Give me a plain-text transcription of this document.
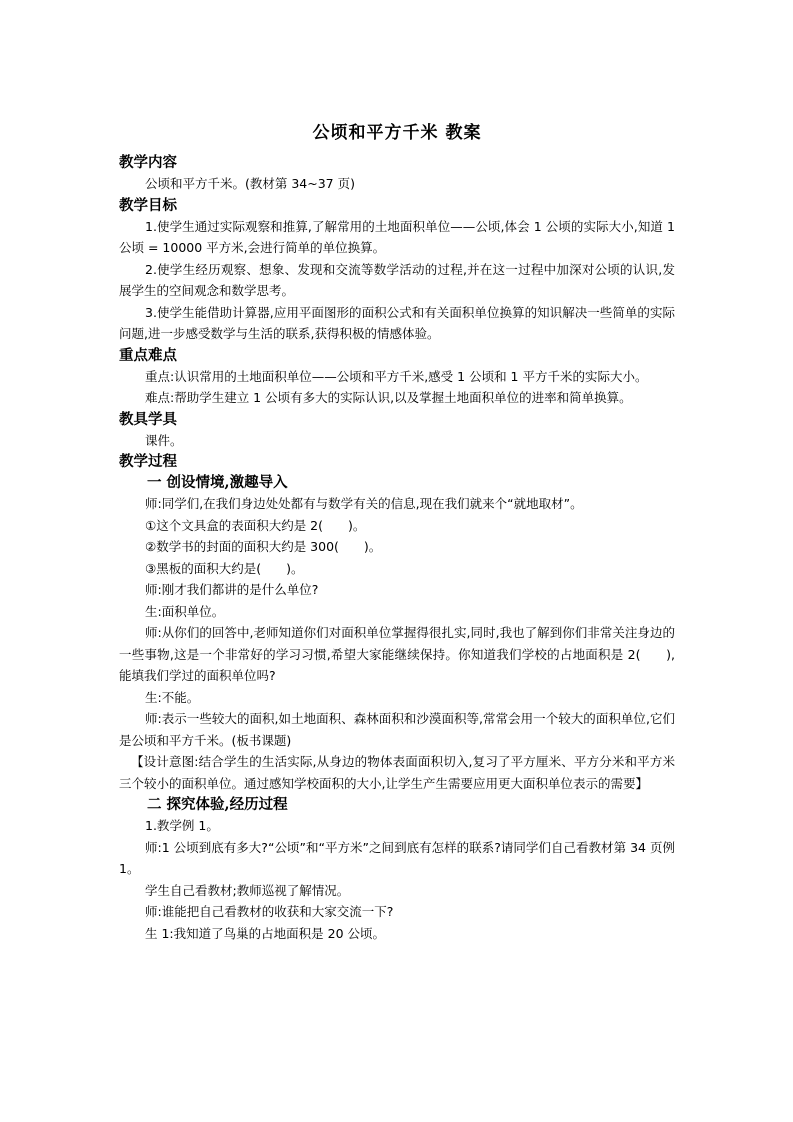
公顷和平方千米 教案
教学内容
公顷和平方千米。(教材第 34~37 页)
教学目标
1.使学生通过实际观察和推算,了解常用的土地面积单位——公顷,体会 1 公顷的实际大小,知道 1 公顷 = 10000 平方米,会进行简单的单位换算。
2.使学生经历观察、想象、发现和交流等数学活动的过程,并在这一过程中加深对公顷的认识,发展学生的空间观念和数学思考。
3.使学生能借助计算器,应用平面图形的面积公式和有关面积单位换算的知识解决一些简单的实际问题,进一步感受数学与生活的联系,获得积极的情感体验。
重点难点
重点:认识常用的土地面积单位——公顷和平方千米,感受 1 公顷和 1 平方千米的实际大小。
难点:帮助学生建立 1 公顷有多大的实际认识,以及掌握土地面积单位的进率和简单换算。
教具学具
课件。
教学过程
一 创设情境,激趣导入
师:同学们,在我们身边处处都有与数学有关的信息,现在我们就来个“就地取材”。
①这个文具盒的表面积大约是 2(　　)。
②数学书的封面的面积大约是 300(　　)。
③黑板的面积大约是(　　)。
师:刚才我们都讲的是什么单位?
生:面积单位。
师:从你们的回答中,老师知道你们对面积单位掌握得很扎实,同时,我也了解到你们非常关注身边的一些事物,这是一个非常好的学习习惯,希望大家能继续保持。你知道我们学校的占地面积是 2(　　),能填我们学过的面积单位吗?
生:不能。
师:表示一些较大的面积,如土地面积、森林面积和沙漠面积等,常常会用一个较大的面积单位,它们是公顷和平方千米。(板书课题)
【设计意图:结合学生的生活实际,从身边的物体表面面积切入,复习了平方厘米、平方分米和平方米三个较小的面积单位。通过感知学校面积的大小,让学生产生需要应用更大面积单位表示的需要】
二 探究体验,经历过程
1.教学例 1。
师:1 公顷到底有多大?“公顷”和“平方米”之间到底有怎样的联系?请同学们自己看教材第 34 页例 1。
学生自己看教材;教师巡视了解情况。
师:谁能把自己看教材的收获和大家交流一下?
生 1:我知道了鸟巢的占地面积是 20 公顷。
